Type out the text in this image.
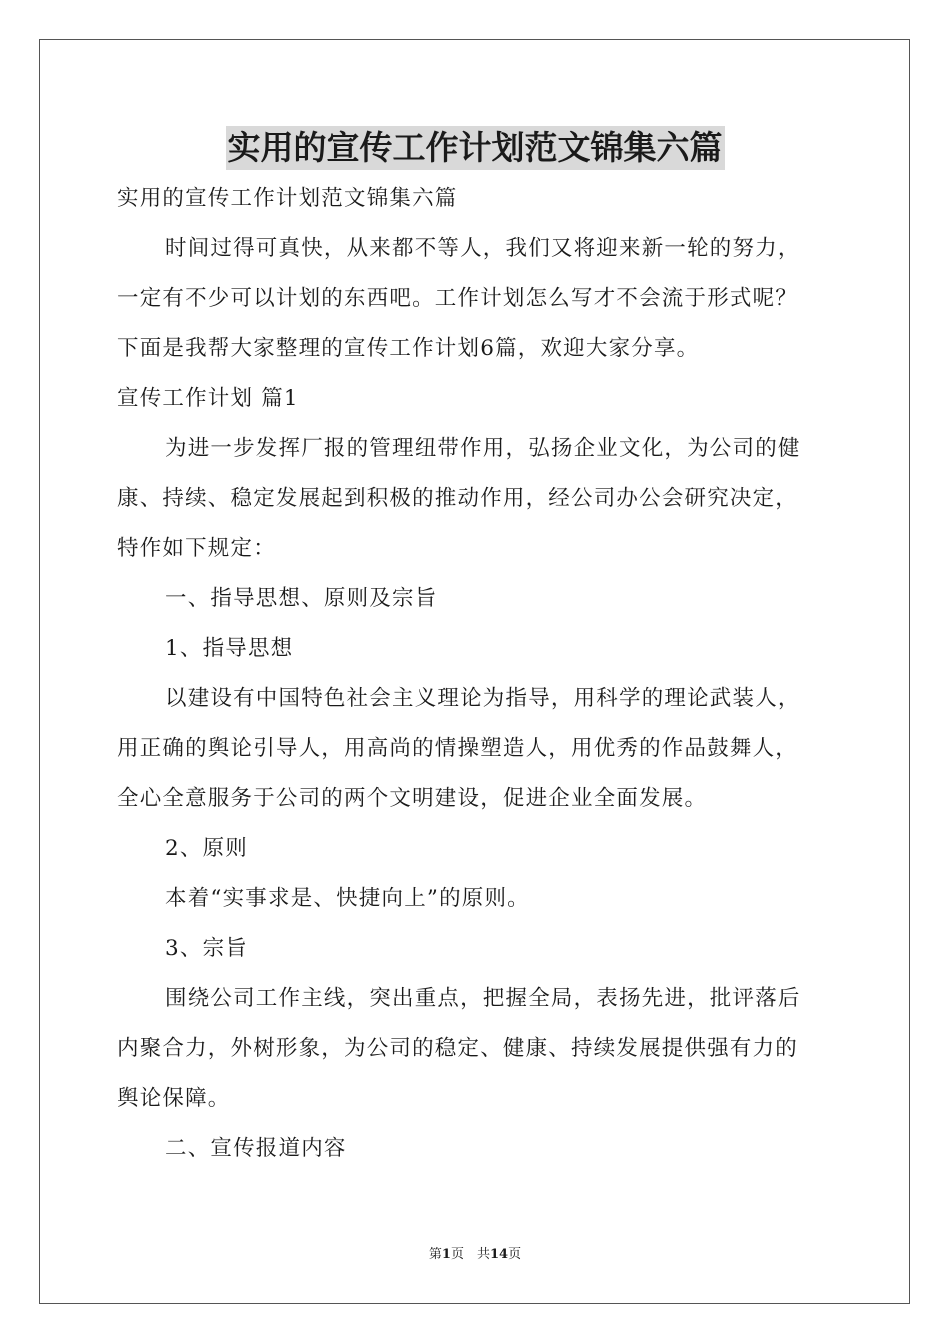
实用的宣传工作计划范文锦集六篇
实用的宣传工作计划范文锦集六篇
时间过得可真快，从来都不等人，我们又将迎来新一轮的努力，
一定有不少可以计划的东西吧。工作计划怎么写才不会流于形式呢？
下面是我帮大家整理的宣传工作计划6篇，欢迎大家分享。
宣传工作计划 篇1
为进一步发挥厂报的管理纽带作用，弘扬企业文化，为公司的健
康、持续、稳定发展起到积极的推动作用，经公司办公会研究决定，
特作如下规定：
一、指导思想、原则及宗旨
1、指导思想
以建设有中国特色社会主义理论为指导，用科学的理论武装人，
用正确的舆论引导人，用高尚的情操塑造人，用优秀的作品鼓舞人，
全心全意服务于公司的两个文明建设，促进企业全面发展。
2、原则
本着“实事求是、快捷向上”的原则。
3、宗旨
围绕公司工作主线，突出重点，把握全局，表扬先进，批评落后
内聚合力，外树形象，为公司的稳定、健康、持续发展提供强有力的
舆论保障。
二、宣传报道内容
第1页　共14页
